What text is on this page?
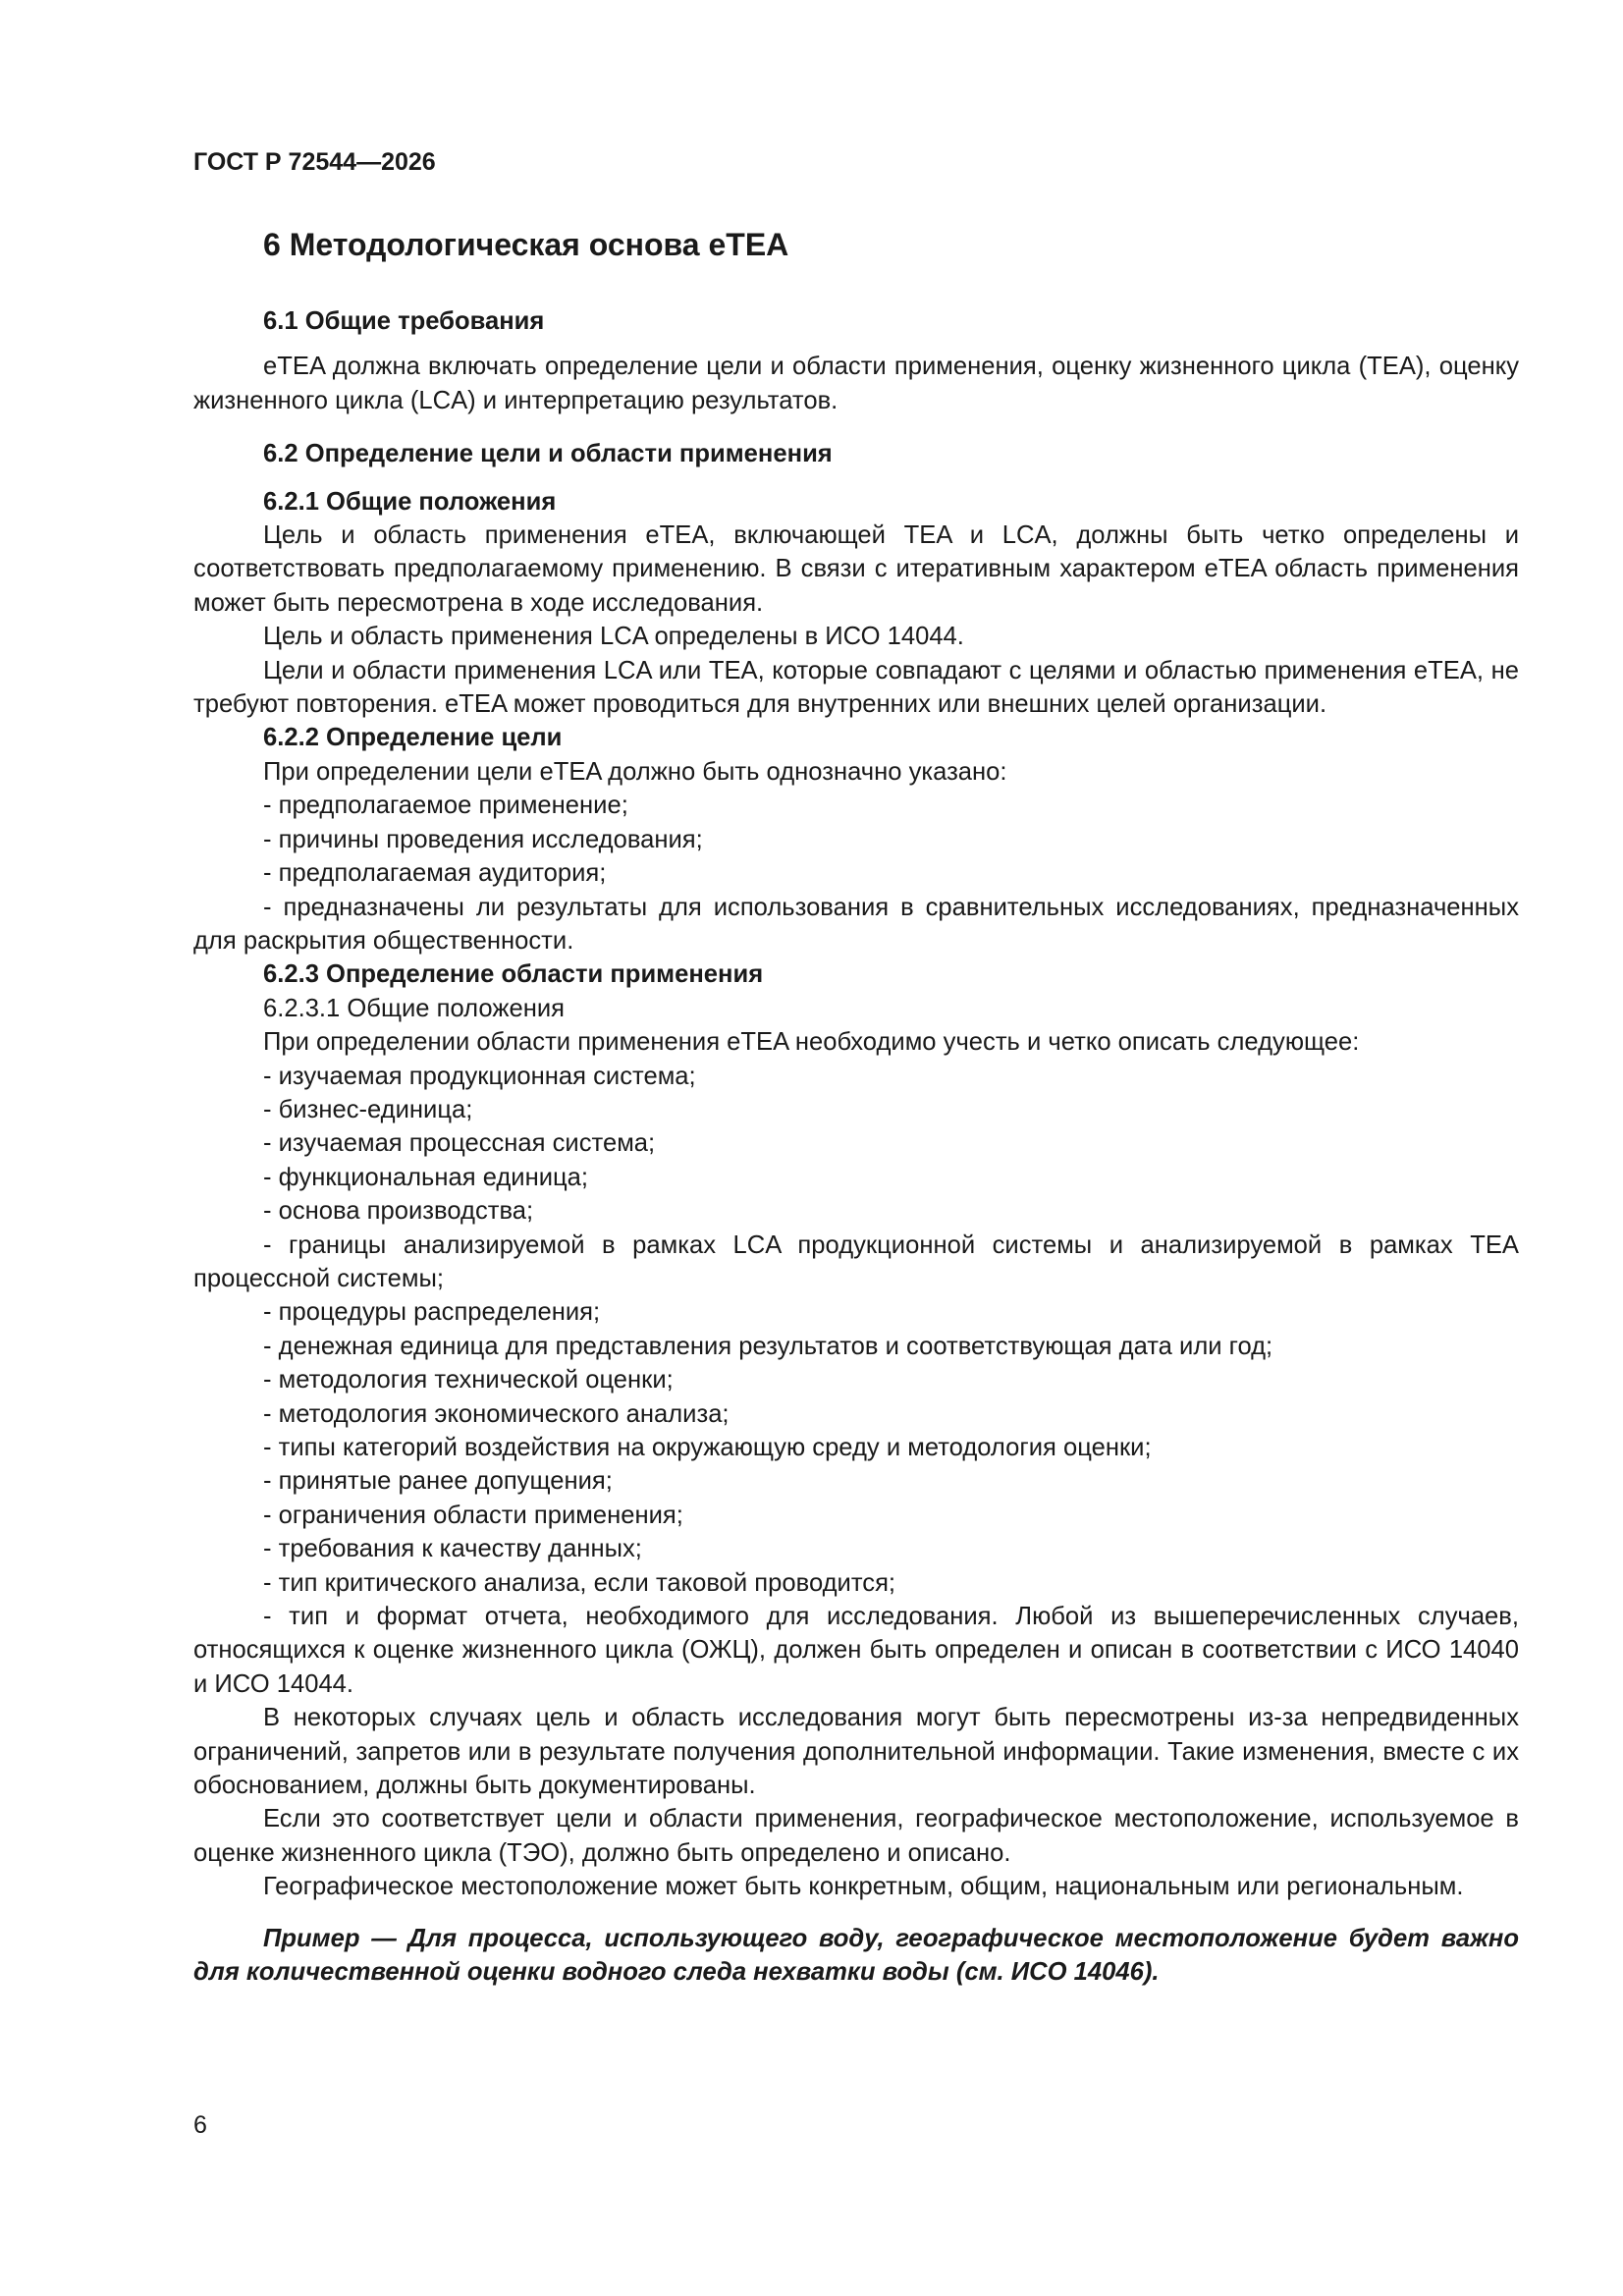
ГОСТ Р 72544—2026

6 Методологическая основа eTEA

6.1 Общие требования

eTEA должна включать определение цели и области применения, оценку жизненного цикла (TEA), оценку жизненного цикла (LCA) и интерпретацию результатов.

6.2 Определение цели и области применения

6.2.1 Общие положения

Цель и область применения eTEA, включающей TEA и LCA, должны быть четко определены и соответствовать предполагаемому применению. В связи с итеративным характером eTEA область применения может быть пересмотрена в ходе исследования.

Цель и область применения LCA определены в ИСО 14044.

Цели и области применения LCA или TEA, которые совпадают с целями и областью применения eTEA, не требуют повторения. eTEA может проводиться для внутренних или внешних целей организации.

6.2.2 Определение цели

При определении цели eTEA должно быть однозначно указано:

- предполагаемое применение;

- причины проведения исследования;

- предполагаемая аудитория;

- предназначены ли результаты для использования в сравнительных исследованиях, предназначенных для раскрытия общественности.

6.2.3 Определение области применения

6.2.3.1 Общие положения

При определении области применения eTEA необходимо учесть и четко описать следующее:

- изучаемая продукционная система;

- бизнес-единица;

- изучаемая процессная система;

- функциональная единица;

- основа производства;

- границы анализируемой в рамках LCA продукционной системы и анализируемой в рамках TEA процессной системы;

- процедуры распределения;

- денежная единица для представления результатов и соответствующая дата или год;

- методология технической оценки;

- методология экономического анализа;

- типы категорий воздействия на окружающую среду и методология оценки;

- принятые ранее допущения;

- ограничения области применения;

- требования к качеству данных;

- тип критического анализа, если таковой проводится;

- тип и формат отчета, необходимого для исследования. Любой из вышеперечисленных случаев, относящихся к оценке жизненного цикла (ОЖЦ), должен быть определен и описан в соответствии с ИСО 14040 и ИСО 14044.

В некоторых случаях цель и область исследования могут быть пересмотрены из-за непредвиденных ограничений, запретов или в результате получения дополнительной информации. Такие изменения, вместе с их обоснованием, должны быть документированы.

Если это соответствует цели и области применения, географическое местоположение, используемое в оценке жизненного цикла (ТЭО), должно быть определено и описано.

Географическое местоположение может быть конкретным, общим, национальным или региональным.

Пример — Для процесса, использующего воду, географическое местоположение будет важно для количественной оценки водного следа нехватки воды (см. ИСО 14046).

6
